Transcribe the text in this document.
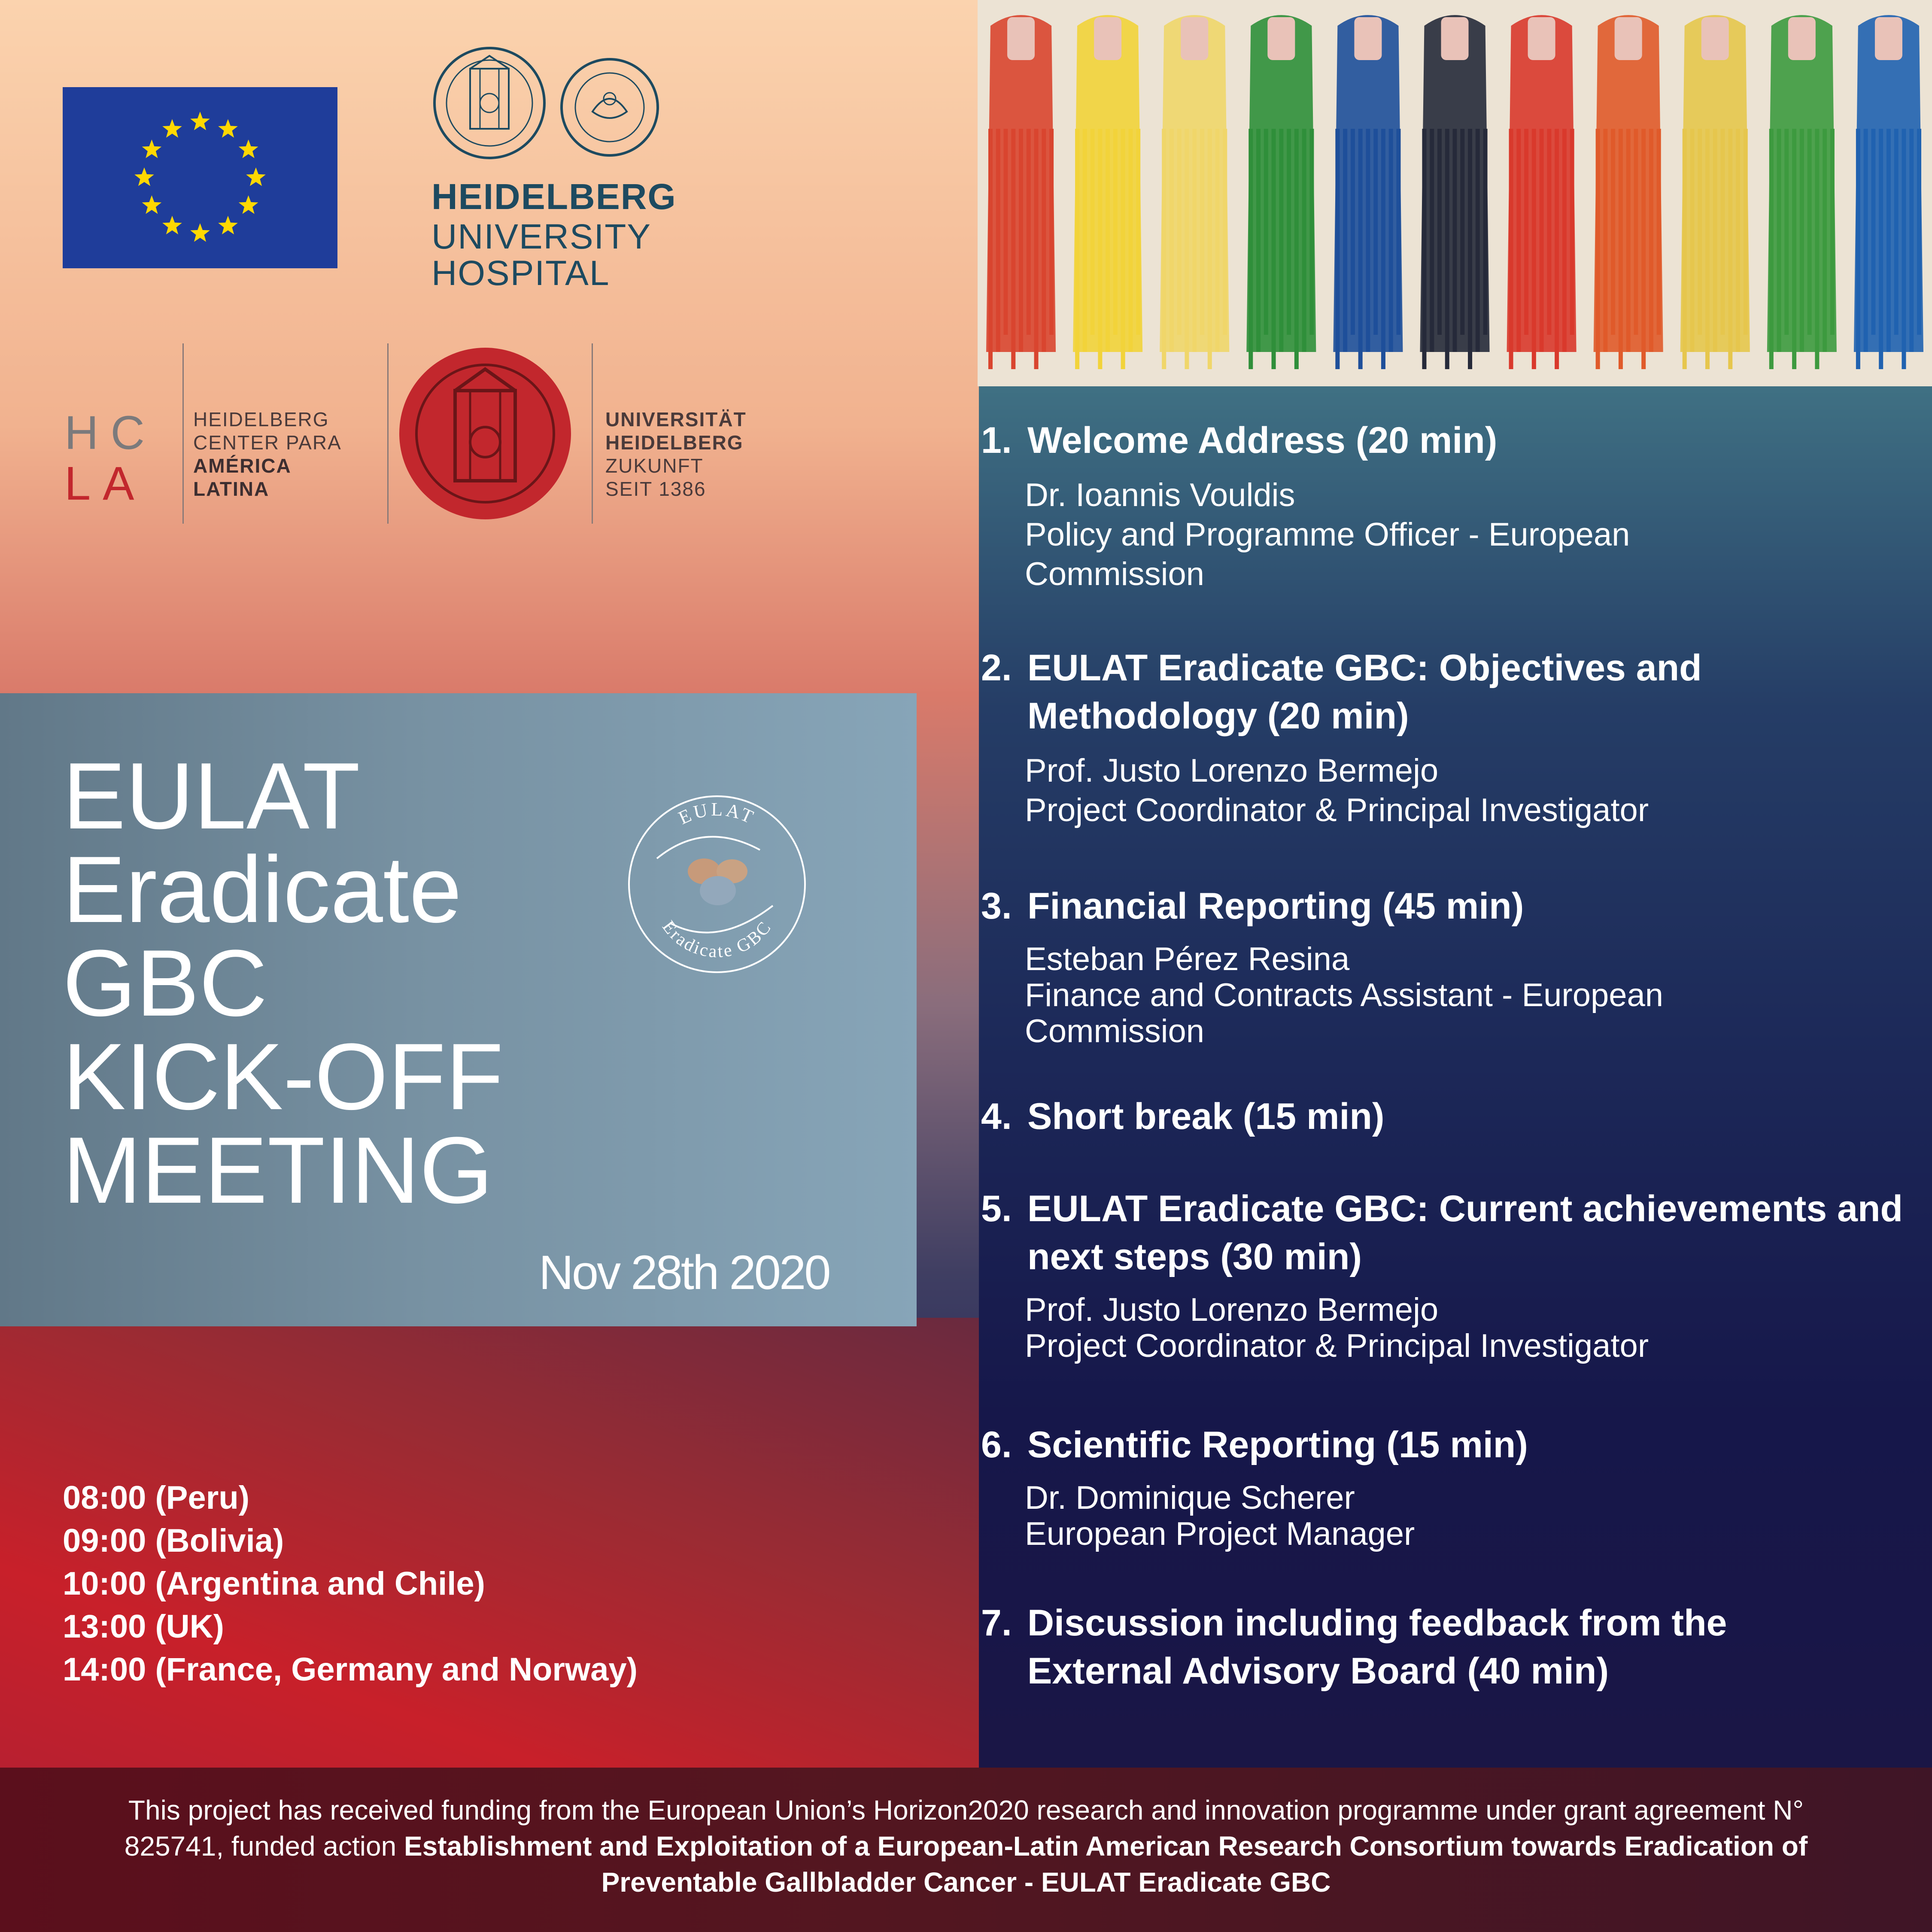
HEIDELBERG
UNIVERSITY
HOSPITAL
HC
LA
HEIDELBERG
CENTER PARA
AMÉRICA
LATINA
UNIVERSITÄT
HEIDELBERG
ZUKUNFT
SEIT 1386
EULAT
Eradicate
GBC
KICK-OFF
MEETING
EULAT
Eradicate GBC
Nov 28th 2020
08:00 (Peru)
09:00 (Bolivia)
10:00 (Argentina and Chile)
13:00 (UK)
14:00 (France, Germany and Norway)
1. Welcome Address (20 min)
Dr. Ioannis Vouldis
Policy and Programme Officer - European Commission
2. EULAT Eradicate GBC: Objectives and Methodology (20 min)
Prof. Justo Lorenzo Bermejo
Project Coordinator & Principal Investigator
3. Financial Reporting (45 min)
Esteban Pérez Resina
Finance and Contracts Assistant - European Commission
4. Short break (15 min)
5. EULAT Eradicate GBC: Current achievements and next steps (30 min)
Prof. Justo Lorenzo Bermejo
Project Coordinator & Principal Investigator
6. Scientific Reporting (15 min)
Dr. Dominique Scherer
European Project Manager
7. Discussion including feedback from the External Advisory Board (40 min)
This project has received funding from the European Union’s Horizon2020 research and innovation programme under grant agreement N° 825741, funded action Establishment and Exploitation of a European-Latin American Research Consortium towards Eradication of Preventable Gallbladder Cancer - EULAT Eradicate GBC
